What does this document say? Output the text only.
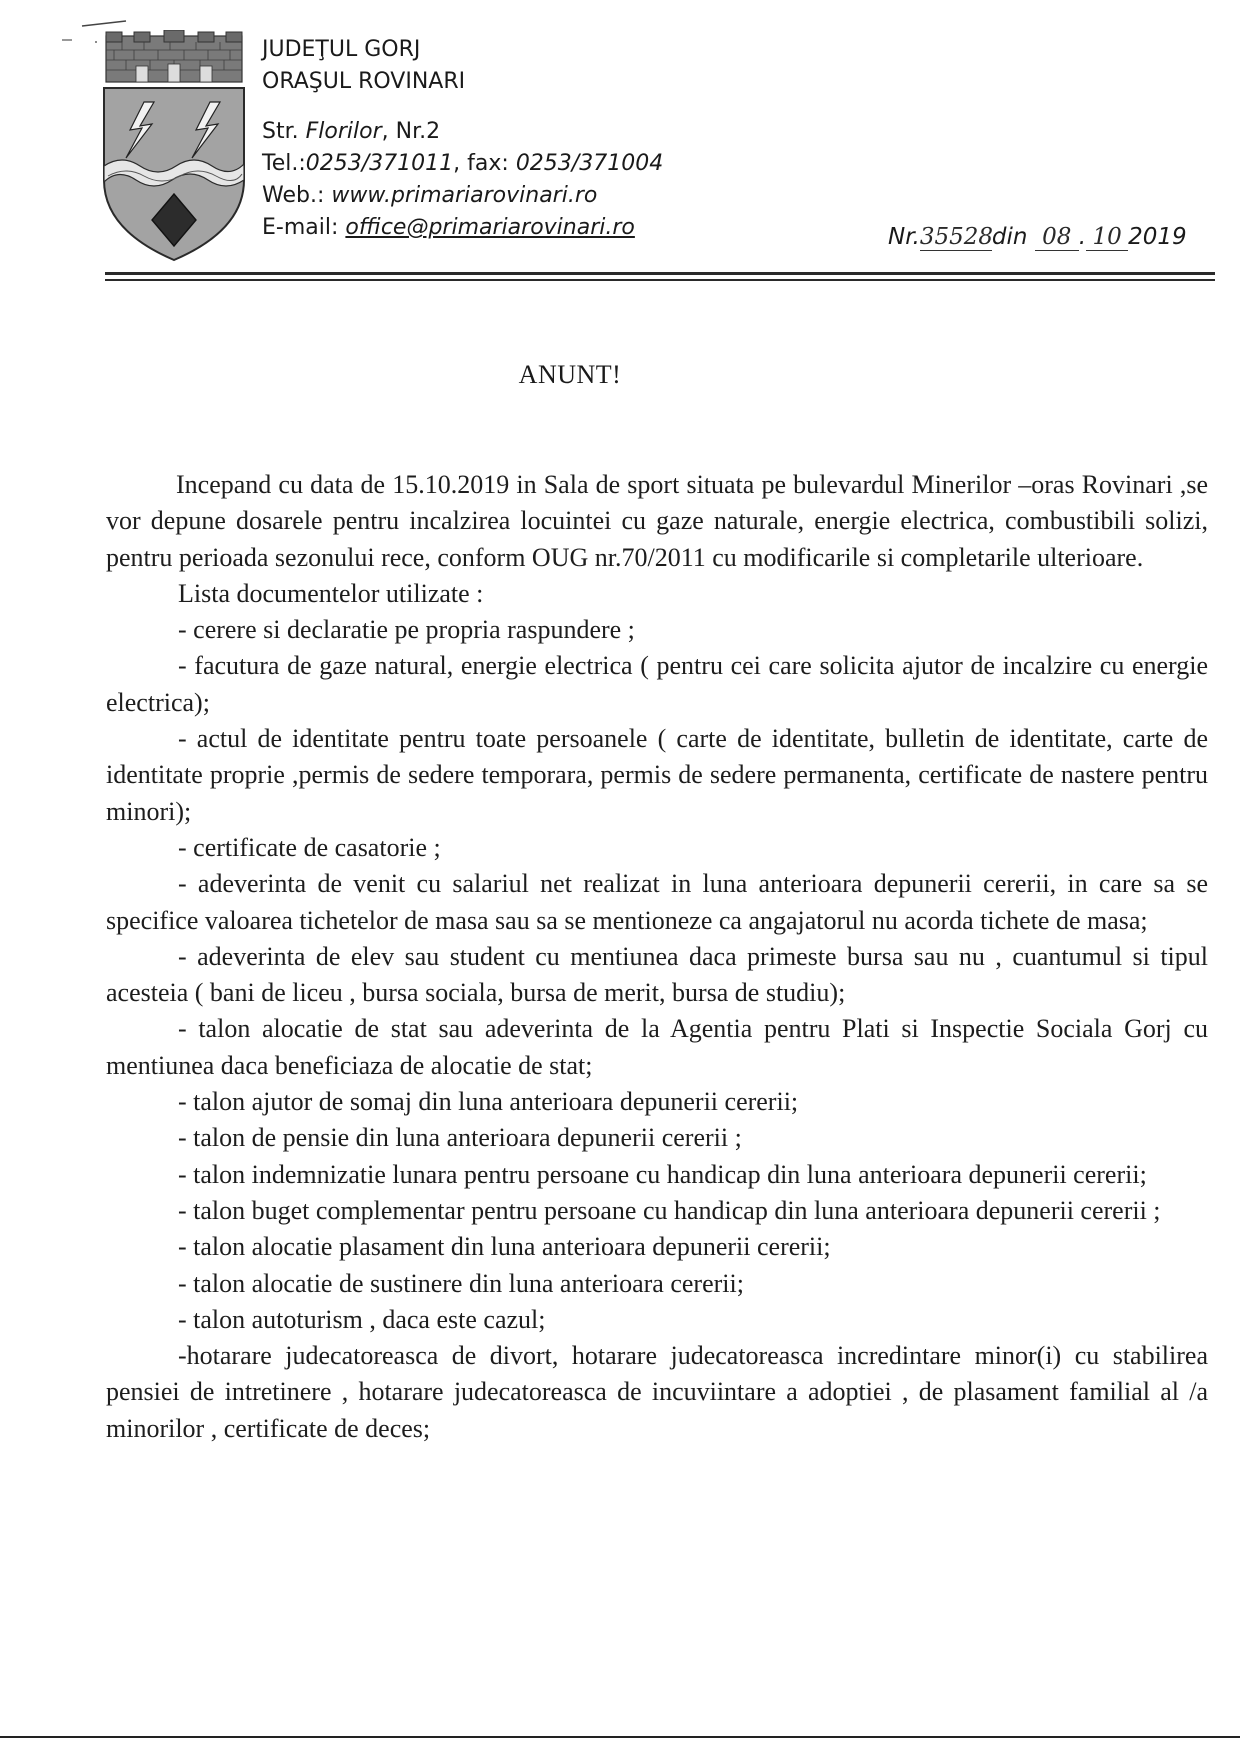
JUDEŢUL GORJ
ORAŞUL ROVINARI
Str. Florilor, Nr.2
Tel.:0253/371011, fax: 0253/371004
Web.: www.primariarovinari.ro
E-mail: office@primariarovinari.ro	Nr.35528din 08 . 10 2019
ANUNT!

Incepand cu data de 15.10.2019 in Sala de sport situata pe bulevardul Minerilor –oras Rovinari ,se vor depune dosarele pentru incalzirea locuintei cu gaze naturale, energie electrica, combustibili solizi, pentru perioada sezonului rece, conform OUG nr.70/2011 cu modificarile si completarile ulterioare.

Lista documentelor utilizate :

- cerere si declaratie pe propria raspundere ;

- facutura de gaze natural, energie electrica ( pentru cei care solicita ajutor de incalzire cu energie electrica);

- actul de identitate pentru toate persoanele ( carte de identitate, bulletin de identitate, carte de identitate proprie ,permis de sedere temporara, permis de sedere permanenta, certificate de nastere pentru minori);

- certificate de casatorie ;

- adeverinta de venit cu salariul net realizat in luna anterioara depunerii cererii, in care sa se specifice valoarea tichetelor de masa sau sa se mentioneze ca angajatorul nu acorda tichete de masa;

- adeverinta de elev sau student cu mentiunea daca primeste bursa sau nu , cuantumul si tipul acesteia ( bani de liceu , bursa sociala, bursa de merit, bursa de studiu);

- talon alocatie de stat sau adeverinta de la Agentia pentru Plati si Inspectie Sociala Gorj cu mentiunea daca beneficiaza de alocatie de stat;

- talon ajutor de somaj din luna anterioara depunerii cererii;

- talon de pensie din luna anterioara depunerii cererii ;

- talon indemnizatie lunara pentru persoane cu handicap din luna anterioara depunerii cererii;

- talon buget complementar pentru persoane cu handicap din luna anterioara depunerii cererii ;

- talon alocatie plasament din luna anterioara depunerii cererii;

- talon alocatie de sustinere din luna anterioara cererii;

- talon autoturism , daca este cazul;

-hotarare judecatoreasca de divort, hotarare judecatoreasca incredintare minor(i) cu stabilirea pensiei de intretinere , hotarare judecatoreasca de incuviintare a adoptiei , de plasament familial al /a minorilor , certificate de deces;
